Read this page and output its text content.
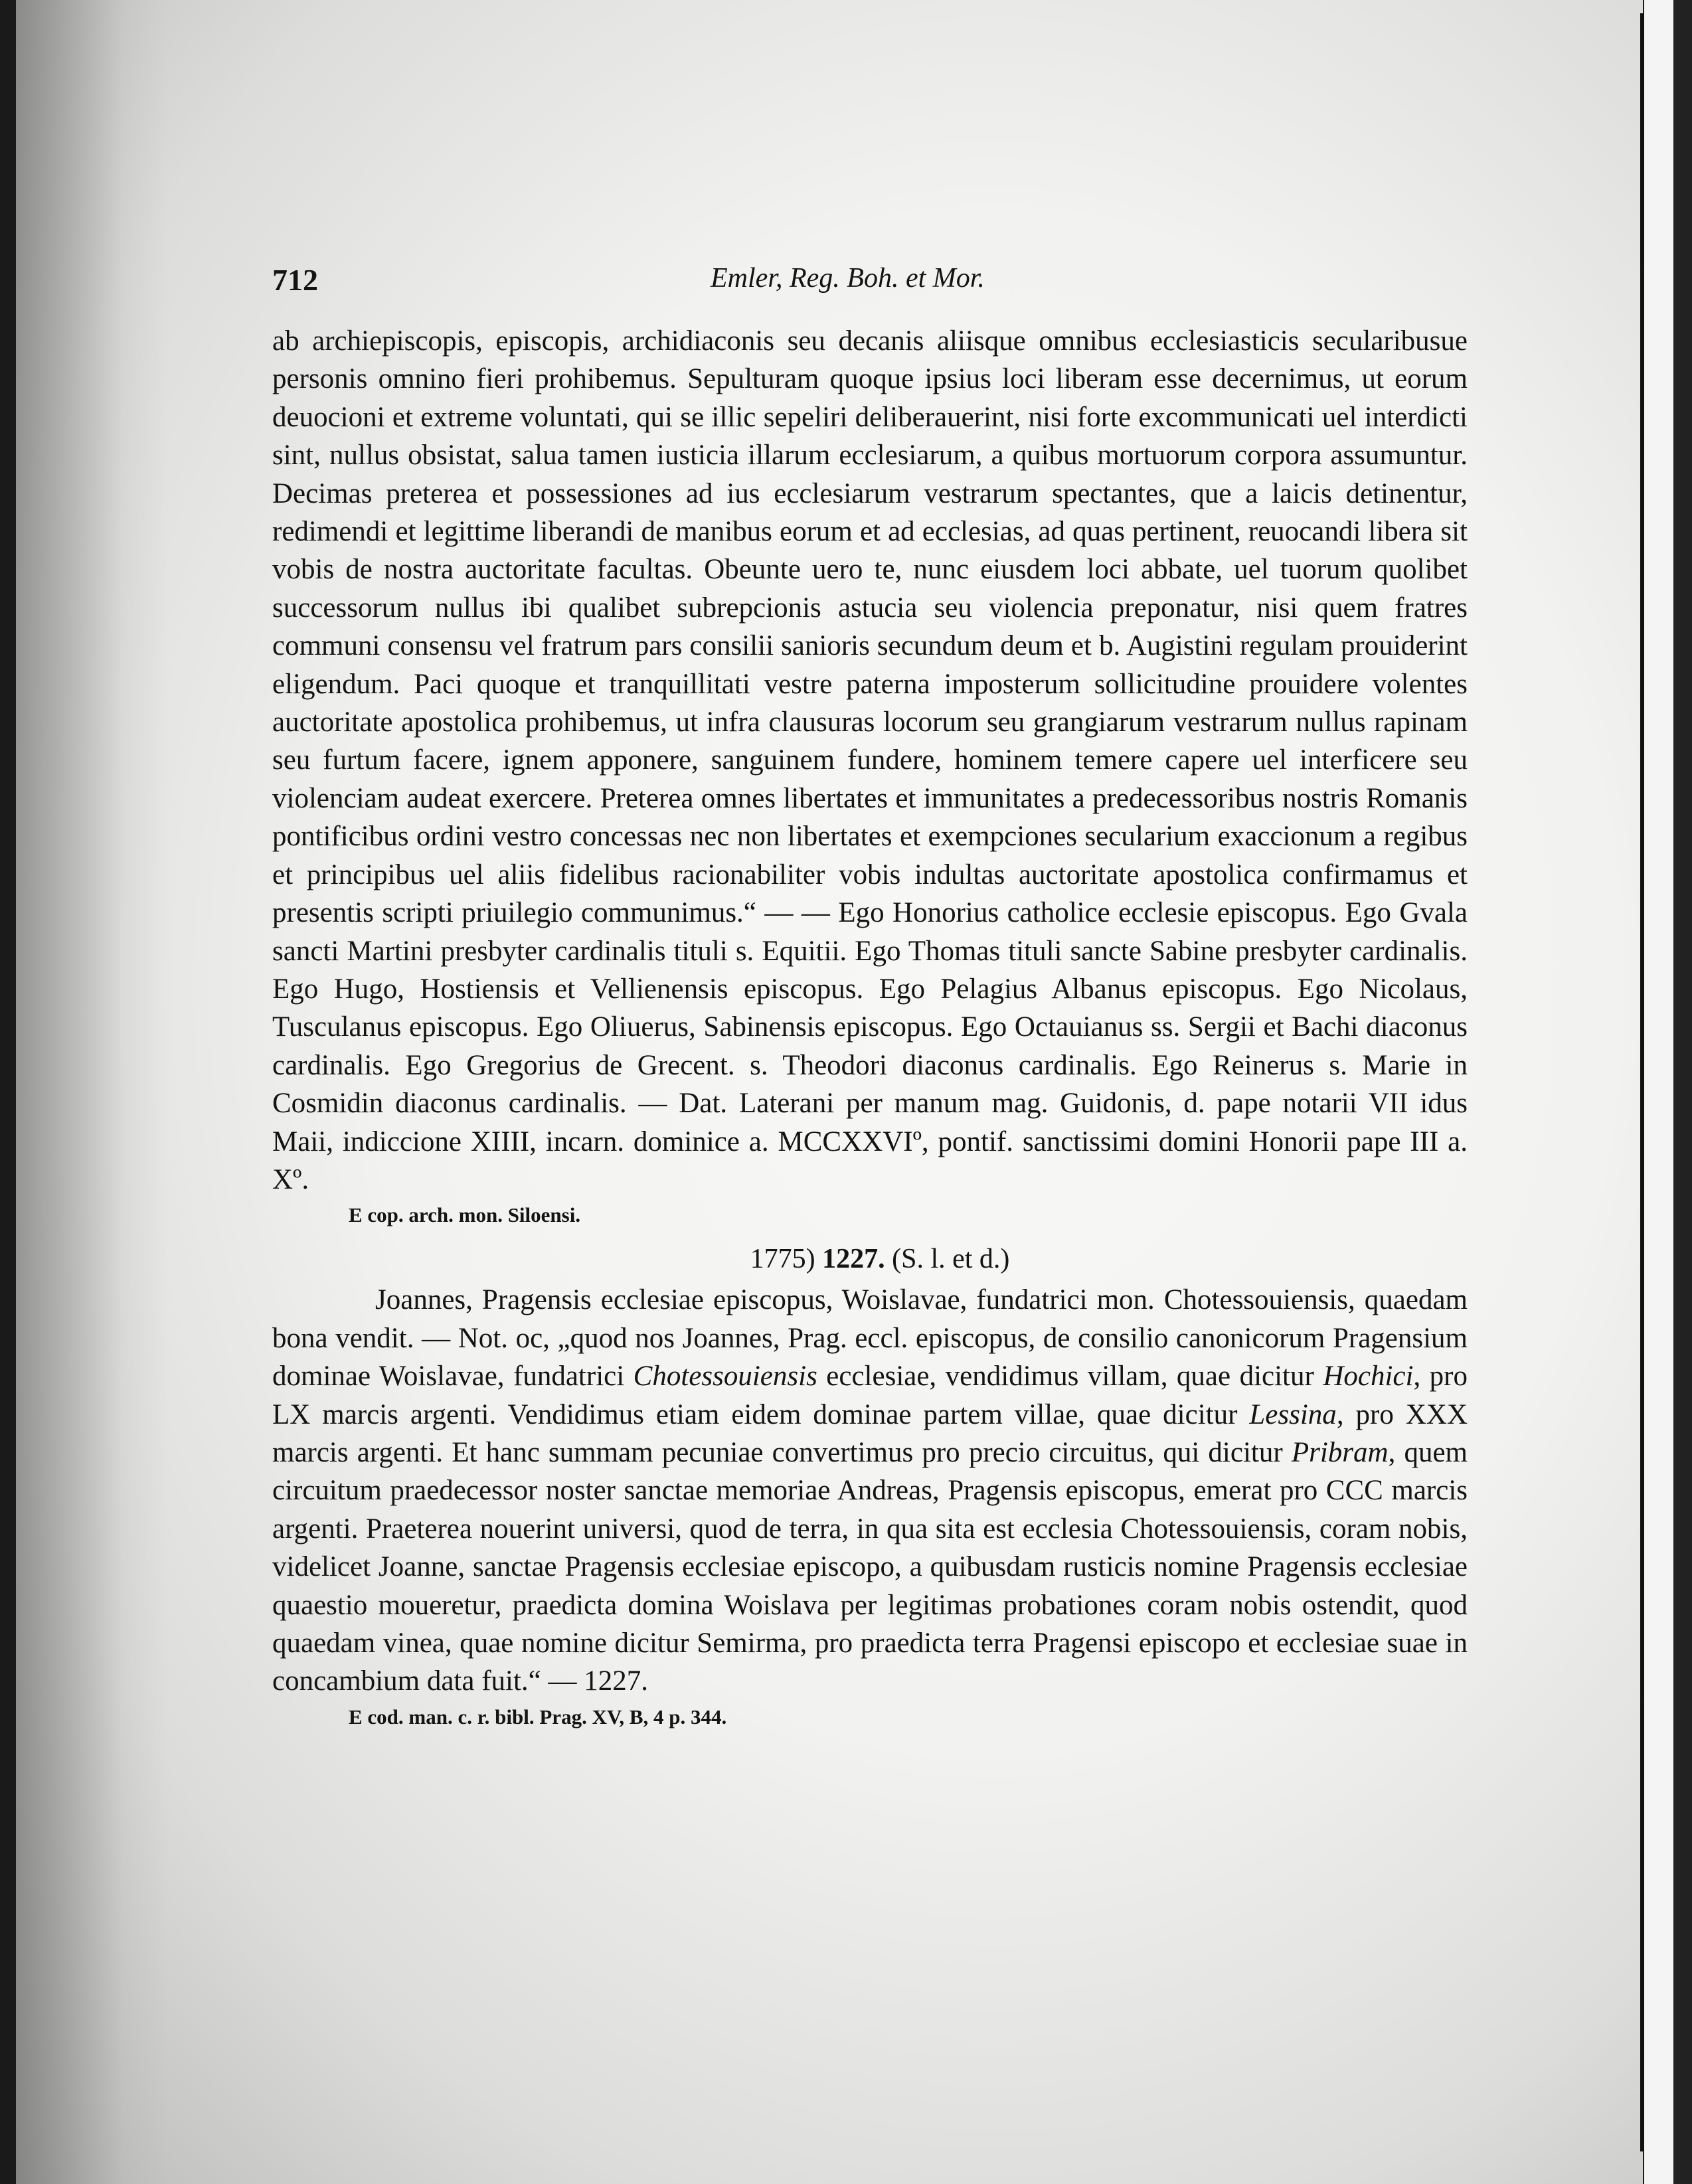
712	Emler, Reg. Boh. et Mor.

ab archiepiscopis, episcopis, archidiaconis seu decanis aliisque omnibus ecclesiasticis secularibusue personis omnino fieri prohibemus. Sepulturam quoque ipsius loci liberam esse decernimus, ut eorum deuocioni et extreme voluntati, qui se illic sepeliri deliberauerint, nisi forte excommunicati uel interdicti sint, nullus obsistat, salua tamen iusticia illarum ecclesiarum, a quibus mortuorum corpora assumuntur. Decimas preterea et possessiones ad ius ecclesiarum vestrarum spectantes, que a laicis detinentur, redimendi et legittime liberandi de manibus eorum et ad ecclesias, ad quas pertinent, reuocandi libera sit vobis de nostra auctoritate facultas. Obeunte uero te, nunc eiusdem loci abbate, uel tuorum quolibet successorum nullus ibi qualibet subrepcionis astucia seu violencia preponatur, nisi quem fratres communi consensu vel fratrum pars consilii sanioris secundum deum et b. Augistini regulam prouiderint eligendum. Paci quoque et tranquillitati vestre paterna imposterum sollicitudine prouidere volentes auctoritate apostolica prohibemus, ut infra clausuras locorum seu grangiarum vestrarum nullus rapinam seu furtum facere, ignem apponere, sanguinem fundere, hominem temere capere uel interficere seu violenciam audeat exercere. Preterea omnes libertates et immunitates a predecessoribus nostris Romanis pontificibus ordini vestro concessas nec non libertates et exempciones secularium exaccionum a regibus et principibus uel aliis fidelibus racionabiliter vobis indultas auctoritate apostolica confirmamus et presentis scripti priuilegio communimus.“ — — Ego Honorius catholice ecclesie episcopus. Ego Gvala sancti Martini presbyter cardinalis tituli s. Equitii. Ego Thomas tituli sancte Sabine presbyter cardinalis. Ego Hugo, Hostiensis et Vellienensis episcopus. Ego Pelagius Albanus episcopus. Ego Nicolaus, Tusculanus episcopus. Ego Oliuerus, Sabinensis episcopus. Ego Octauianus ss. Sergii et Bachi diaconus cardinalis. Ego Gregorius de Grecent. s. Theodori diaconus cardinalis. Ego Reinerus s. Marie in Cosmidin diaconus cardinalis. — Dat. Laterani per manum mag. Guidonis, d. pape notarii VII idus Maii, indiccione XIIII, incarn. dominice a. MCCXXVIº, pontif. sanctissimi domini Honorii pape III a. Xº.

E cop. arch. mon. Siloensi.
1775) 1227. (S. l. et d.)

Joannes, Pragensis ecclesiae episcopus, Woislavae, fundatrici mon. Chotessouiensis, quaedam bona vendit. — Not. oc, „quod nos Joannes, Prag. eccl. episcopus, de consilio canonicorum Pragensium dominae Woislavae, fundatrici Chotessouiensis ecclesiae, vendidimus villam, quae dicitur Hochici, pro LX marcis argenti. Vendidimus etiam eidem dominae partem villae, quae dicitur Lessina, pro XXX marcis argenti. Et hanc summam pecuniae convertimus pro precio circuitus, qui dicitur Pribram, quem circuitum praedecessor noster sanctae memoriae Andreas, Pragensis episcopus, emerat pro CCC marcis argenti. Praeterea nouerint universi, quod de terra, in qua sita est ecclesia Chotessouiensis, coram nobis, videlicet Joanne, sanctae Pragensis ecclesiae episcopo, a quibusdam rusticis nomine Pragensis ecclesiae quaestio moueretur, praedicta domina Woislava per legitimas probationes coram nobis ostendit, quod quaedam vinea, quae nomine dicitur Semirma, pro praedicta terra Pragensi episcopo et ecclesiae suae in concambium data fuit.“ — 1227.

E cod. man. c. r. bibl. Prag. XV, B, 4 p. 344.
